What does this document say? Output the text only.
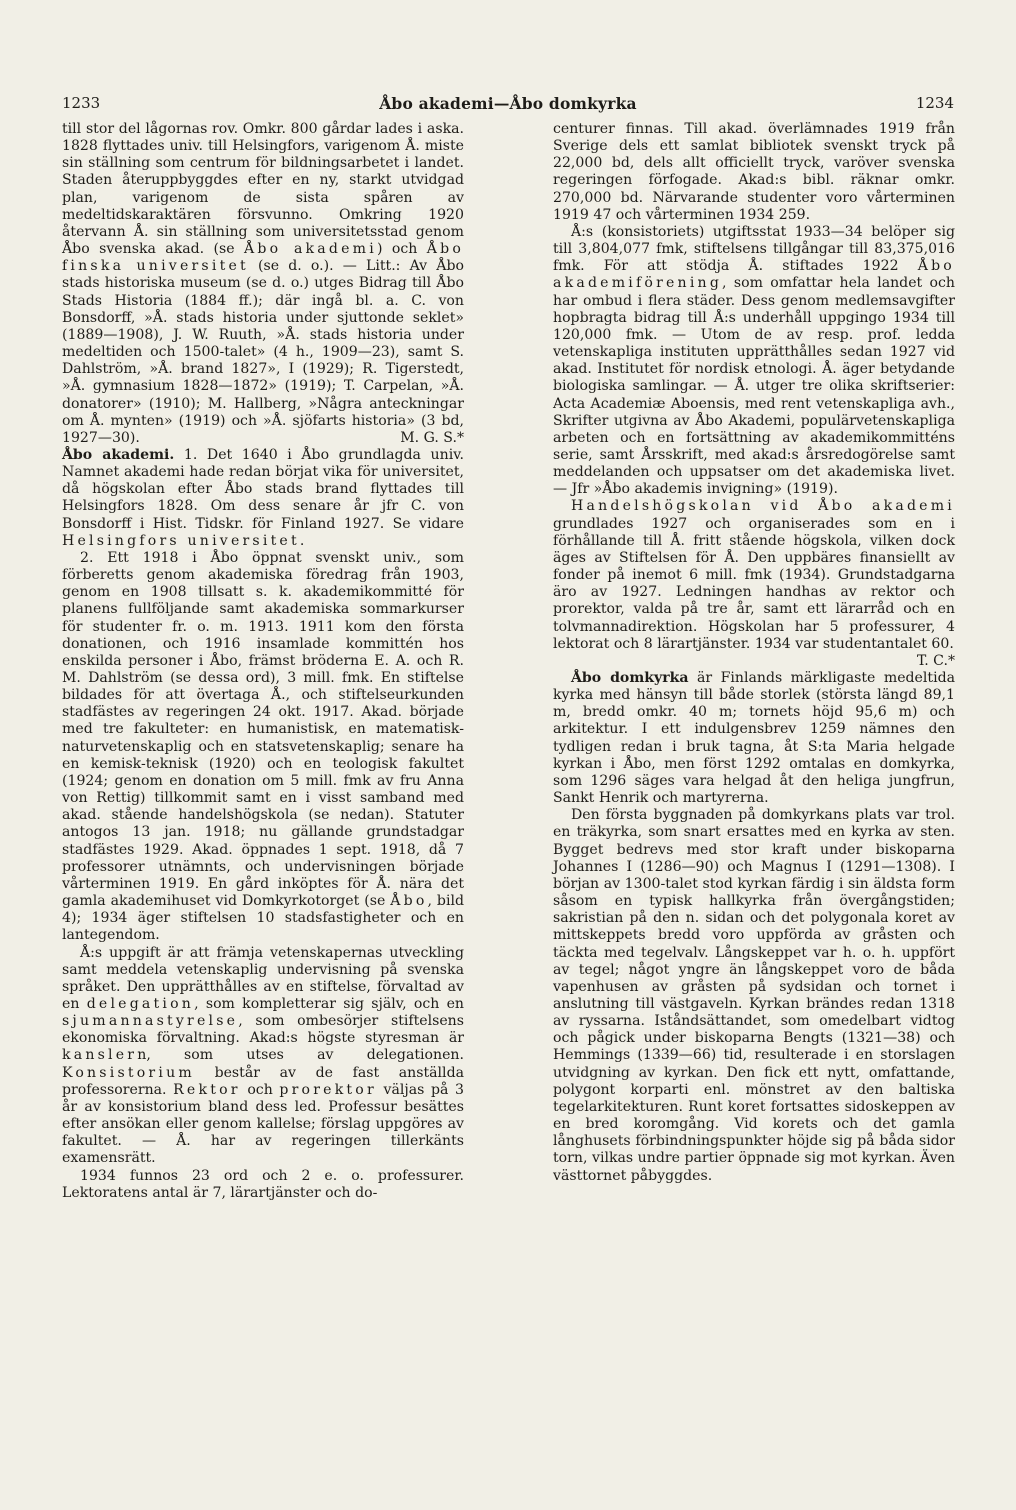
1233	Åbo akademi—Åbo domkyrka	1234

till stor del lågornas rov. Omkr. 800 gårdar lades i aska. 1828 flyttades univ. till Helsingfors, varigenom Å. miste sin ställning som centrum för bildningsarbetet i landet. Staden återuppbyggdes efter en ny, starkt utvidgad plan, varigenom de sista spåren av medeltidskaraktären försvunno. Omkring 1920 återvann Å. sin ställning som universitetsstad genom Åbo svenska akad. (se Åbo akademi) och Åbo finska universitet (se d. o.). — Litt.: Av Åbo stads historiska museum (se d. o.) utges Bidrag till Åbo Stads Historia (1884 ff.); där ingå bl. a. C. von Bonsdorff, »Å. stads historia under sjuttonde seklet» (1889—1908), J. W. Ruuth, »Å. stads historia under medeltiden och 1500-talet» (4 h., 1909—23), samt S. Dahlström, »Å. brand 1827», I (1929); R. Tigerstedt, »Å. gymnasium 1828—1872» (1919); T. Carpelan, »Å. donatorer» (1910); M. Hallberg, »Några anteckningar om Å. mynten» (1919) och »Å. sjöfarts historia» (3 bd, 1927—30).	M. G. S.*

Åbo akademi. 1. Det 1640 i Åbo grundlagda univ. Namnet akademi hade redan börjat vika för universitet, då högskolan efter Åbo stads brand flyttades till Helsingfors 1828. Om dess senare år jfr C. von Bonsdorff i Hist. Tidskr. för Finland 1927. Se vidare Helsingfors universitet.

2. Ett 1918 i Åbo öppnat svenskt univ., som förberetts genom akademiska föredrag från 1903, genom en 1908 tillsatt s. k. akademikommitté för planens fullföljande samt akademiska sommarkurser för studenter fr. o. m. 1913. 1911 kom den första donationen, och 1916 insamlade kommittén hos enskilda personer i Åbo, främst bröderna E. A. och R. M. Dahlström (se dessa ord), 3 mill. fmk. En stiftelse bildades för att övertaga Å., och stiftelseurkunden stadfästes av regeringen 24 okt. 1917. Akad. började med tre fakulteter: en humanistisk, en matematisk-naturvetenskaplig och en statsvetenskaplig; senare ha en kemisk-teknisk (1920) och en teologisk fakultet (1924; genom en donation om 5 mill. fmk av fru Anna von Rettig) tillkommit samt en i visst samband med akad. stående handelshögskola (se nedan). Statuter antogos 13 jan. 1918; nu gällande grundstadgar stadfästes 1929. Akad. öppnades 1 sept. 1918, då 7 professorer utnämnts, och undervisningen började vårterminen 1919. En gård inköptes för Å. nära det gamla akademihuset vid Domkyrkotorget (se Åbo, bild 4); 1934 äger stiftelsen 10 stadsfastigheter och en lantegendom.

Å:s uppgift är att främja vetenskapernas utveckling samt meddela vetenskaplig undervisning på svenska språket. Den upprätthålles av en stiftelse, förvaltad av en delegation, som kompletterar sig själv, och en sjumannastyrelse, som ombesörjer stiftelsens ekonomiska förvaltning. Akad:s högste styresman är kanslern, som utses av delegationen. Konsistorium består av de fast anställda professorerna. Rektor och prorektor väljas på 3 år av konsistorium bland dess led. Professur besättes efter ansökan eller genom kallelse; förslag uppgöres av fakultet. — Å. har av regeringen tillerkänts examensrätt.

1934 funnos 23 ord och 2 e. o. professurer. Lektoratens antal är 7, lärartjänster och do-

centurer finnas. Till akad. överlämnades 1919 från Sverige dels ett samlat bibliotek svenskt tryck på 22,000 bd, dels allt officiellt tryck, varöver svenska regeringen förfogade. Akad:s bibl. räknar omkr. 270,000 bd. Närvarande studenter voro vårterminen 1919 47 och vårterminen 1934 259.

Å:s (konsistoriets) utgiftsstat 1933—34 belöper sig till 3,804,077 fmk, stiftelsens tillgångar till 83,375,016 fmk. För att stödja Å. stiftades 1922 Åbo akademiförening, som omfattar hela landet och har ombud i flera städer. Dess genom medlemsavgifter hopbragta bidrag till Å:s underhåll uppgingo 1934 till 120,000 fmk. — Utom de av resp. prof. ledda vetenskapliga instituten upprätthålles sedan 1927 vid akad. Institutet för nordisk etnologi. Å. äger betydande biologiska samlingar. — Å. utger tre olika skriftserier: Acta Academiæ Aboensis, med rent vetenskapliga avh., Skrifter utgivna av Åbo Akademi, populärvetenskapliga arbeten och en fortsättning av akademikommitténs serie, samt Årsskrift, med akad:s årsredogörelse samt meddelanden och uppsatser om det akademiska livet. — Jfr »Åbo akademis invigning» (1919).

Handelshögskolan vid Åbo akademi grundlades 1927 och organiserades som en i förhållande till Å. fritt stående högskola, vilken dock äges av Stiftelsen för Å. Den uppbäres finansiellt av fonder på inemot 6 mill. fmk (1934). Grundstadgarna äro av 1927. Ledningen handhas av rektor och prorektor, valda på tre år, samt ett lärarråd och en tolvmannadirektion. Högskolan har 5 professurer, 4 lektorat och 8 lärartjänster. 1934 var studentantalet 60.
T. C.*

Åbo domkyrka är Finlands märkligaste medeltida kyrka med hänsyn till både storlek (största längd 89,1 m, bredd omkr. 40 m; tornets höjd 95,6 m) och arkitektur. I ett indulgensbrev 1259 nämnes den tydligen redan i bruk tagna, åt S:ta Maria helgade kyrkan i Åbo, men först 1292 omtalas en domkyrka, som 1296 säges vara helgad åt den heliga jungfrun, Sankt Henrik och martyrerna.

Den första byggnaden på domkyrkans plats var trol. en träkyrka, som snart ersattes med en kyrka av sten. Bygget bedrevs med stor kraft under biskoparna Johannes I (1286—90) och Magnus I (1291—1308). I början av 1300-talet stod kyrkan färdig i sin äldsta form såsom en typisk hallkyrka från övergångstiden; sakristian på den n. sidan och det polygonala koret av mittskeppets bredd voro uppförda av gråsten och täckta med tegelvalv. Långskeppet var h. o. h. uppfört av tegel; något yngre än långskeppet voro de båda vapenhusen av gråsten på sydsidan och tornet i anslutning till västgaveln. Kyrkan brändes redan 1318 av ryssarna. Iståndsättandet, som omedelbart vidtog och pågick under biskoparna Bengts (1321—38) och Hemmings (1339—66) tid, resulterade i en storslagen utvidgning av kyrkan. Den fick ett nytt, omfattande, polygont korparti enl. mönstret av den baltiska tegelarkitekturen. Runt koret fortsattes sidoskeppen av en bred koromgång. Vid korets och det gamla långhusets förbindningspunkter höjde sig på båda sidor torn, vilkas undre partier öppnade sig mot kyrkan. Även västtornet påbyggdes.
